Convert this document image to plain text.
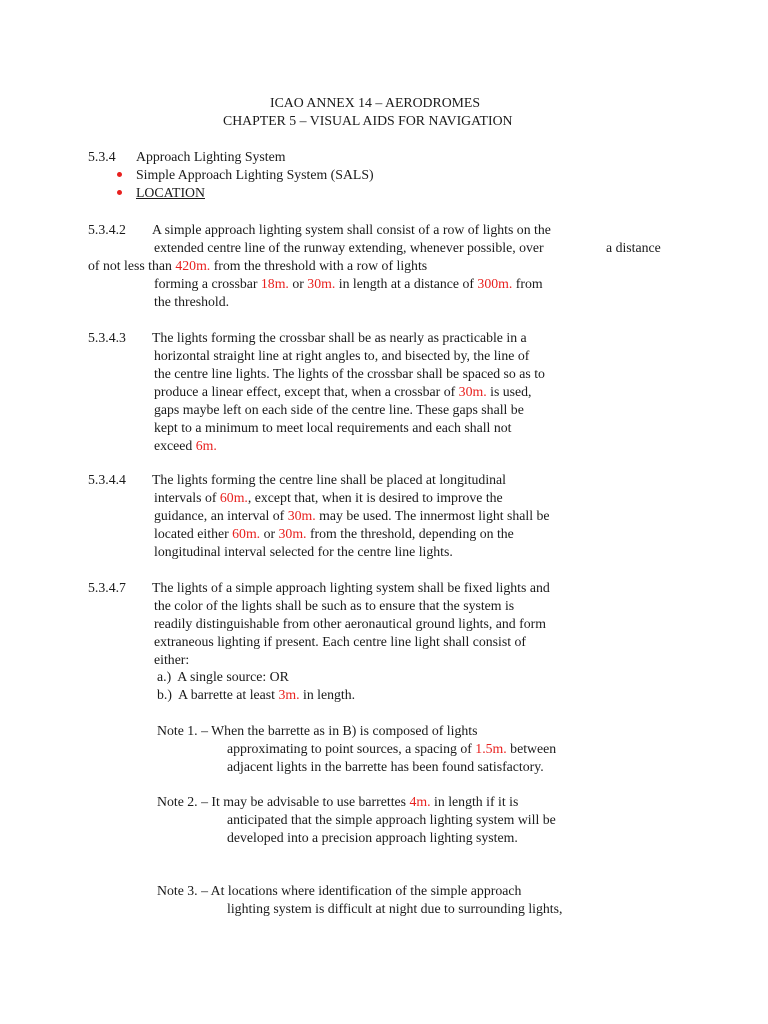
ICAO ANNEX 14 – AERODROMES
CHAPTER 5 – VISUAL AIDS FOR NAVIGATION
5.3.4 Approach Lighting System
Simple Approach Lighting System (SALS)
LOCATION
5.3.4.2 A simple approach lighting system shall consist of a row of lights on the
extended centre line of the runway extending, whenever possible, over	a distance
of not less than 420m. from the threshold with a row of lights
forming a crossbar 18m. or 30m. in length at a distance of 300m. from
the threshold.
5.3.4.3 The lights forming the crossbar shall be as nearly as practicable in a
horizontal straight line at right angles to, and bisected by, the line of
the centre line lights. The lights of the crossbar shall be spaced so as to
produce a linear effect, except that, when a crossbar of 30m. is used,
gaps maybe left on each side of the centre line. These gaps shall be
kept to a minimum to meet local requirements and each shall not
exceed 6m.
5.3.4.4 The lights forming the centre line shall be placed at longitudinal
intervals of 60m., except that, when it is desired to improve the
guidance, an interval of 30m. may be used. The innermost light shall be
located either 60m. or 30m. from the threshold, depending on the
longitudinal interval selected for the centre line lights.
5.3.4.7 The lights of a simple approach lighting system shall be fixed lights and
the color of the lights shall be such as to ensure that the system is
readily distinguishable from other aeronautical ground lights, and form
extraneous lighting if present. Each centre line light shall consist of
either:
a.)  A single source: OR
b.)  A barrette at least 3m. in length.
Note 1. – When the barrette as in B) is composed of lights
approximating to point sources, a spacing of 1.5m. between
adjacent lights in the barrette has been found satisfactory.
Note 2. – It may be advisable to use barrettes 4m. in length if it is
anticipated that the simple approach lighting system will be
developed into a precision approach lighting system.
Note 3. – At locations where identification of the simple approach
lighting system is difficult at night due to surrounding lights,
